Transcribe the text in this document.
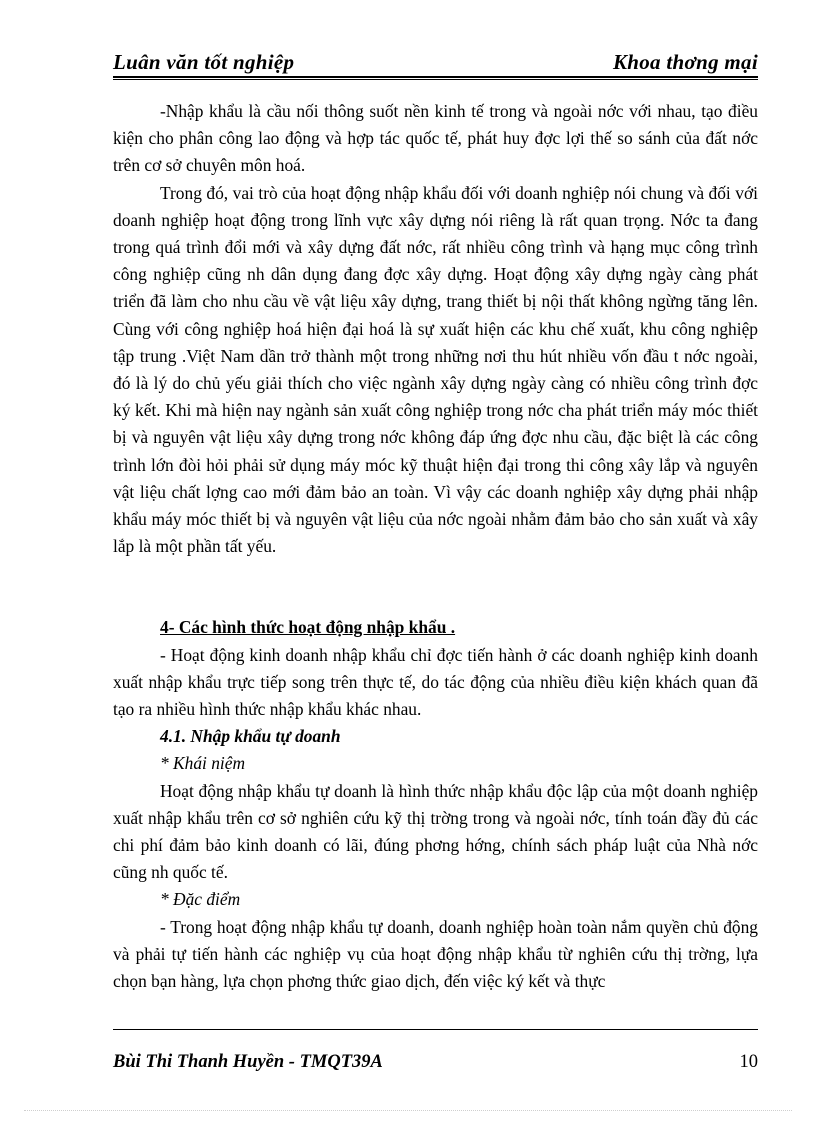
Luân văn tốt nghiệp	Khoa thơng mại

-Nhập khẩu là cầu nối thông suốt nền kinh tế trong và ngoài nớc với nhau, tạo điều kiện cho phân công lao động và hợp tác quốc tế, phát huy đợc lợi thế so sánh của đất nớc trên cơ sở chuyên môn hoá.

Trong đó, vai trò của hoạt động nhập khẩu đối với doanh nghiệp nói chung và đối với doanh nghiệp hoạt động trong lĩnh vực xây dựng nói riêng là rất quan trọng. Nớc ta đang trong quá trình đổi mới và xây dựng đất nớc, rất nhiều công trình và hạng mục công trình công nghiệp cũng nh dân dụng đang đợc xây dựng. Hoạt động xây dựng ngày càng phát triển đã làm cho nhu cầu về vật liệu xây dựng, trang thiết bị nội thất không ngừng tăng lên. Cùng với công nghiệp hoá hiện đại hoá là sự xuất hiện các khu chế xuất, khu công nghiệp tập trung .Việt Nam dần trở thành một trong những nơi thu hút nhiều vốn đầu t nớc ngoài, đó là lý do chủ yếu giải thích cho việc ngành xây dựng ngày càng có nhiều công trình đợc ký kết. Khi mà hiện nay ngành sản xuất công nghiệp trong nớc cha phát triển máy móc thiết bị và nguyên vật liệu xây dựng trong nớc không đáp ứng đợc nhu cầu, đặc biệt là các công trình lớn đòi hỏi phải sử dụng máy móc kỹ thuật hiện đại trong thi công xây lắp và nguyên vật liệu chất lợng cao mới đảm bảo an toàn. Vì vậy các doanh nghiệp xây dựng phải nhập khẩu máy móc thiết bị và nguyên vật liệu của nớc ngoài nhằm đảm bảo cho sản xuất và xây lắp là một phần tất yếu.

4- Các hình thức hoạt động nhập khẩu .

- Hoạt động kinh doanh nhập khẩu chỉ đợc tiến hành ở các doanh nghiệp kinh doanh xuất nhập khẩu trực tiếp song trên thực tế, do tác động của nhiều điều kiện khách quan đã tạo ra nhiều hình thức nhập khẩu khác nhau.

4.1. Nhập khẩu tự doanh

* Khái niệm

Hoạt động nhập khẩu tự doanh là hình thức nhập khẩu độc lập của một doanh nghiệp xuất nhập khẩu trên cơ sở nghiên cứu kỹ thị trờng trong và ngoài nớc, tính toán đầy đủ các chi phí đảm bảo kinh doanh có lãi, đúng phơng hớng, chính sách pháp luật của Nhà nớc cũng nh quốc tế.

* Đặc điểm

- Trong hoạt động nhập khẩu tự doanh, doanh nghiệp hoàn toàn nắm quyền chủ động và phải tự tiến hành các nghiệp vụ của hoạt động nhập khẩu từ nghiên cứu thị trờng, lựa chọn bạn hàng, lựa chọn phơng thức giao dịch, đến việc ký kết và thực

Bùi Thi Thanh Huyền - TMQT39A	10
